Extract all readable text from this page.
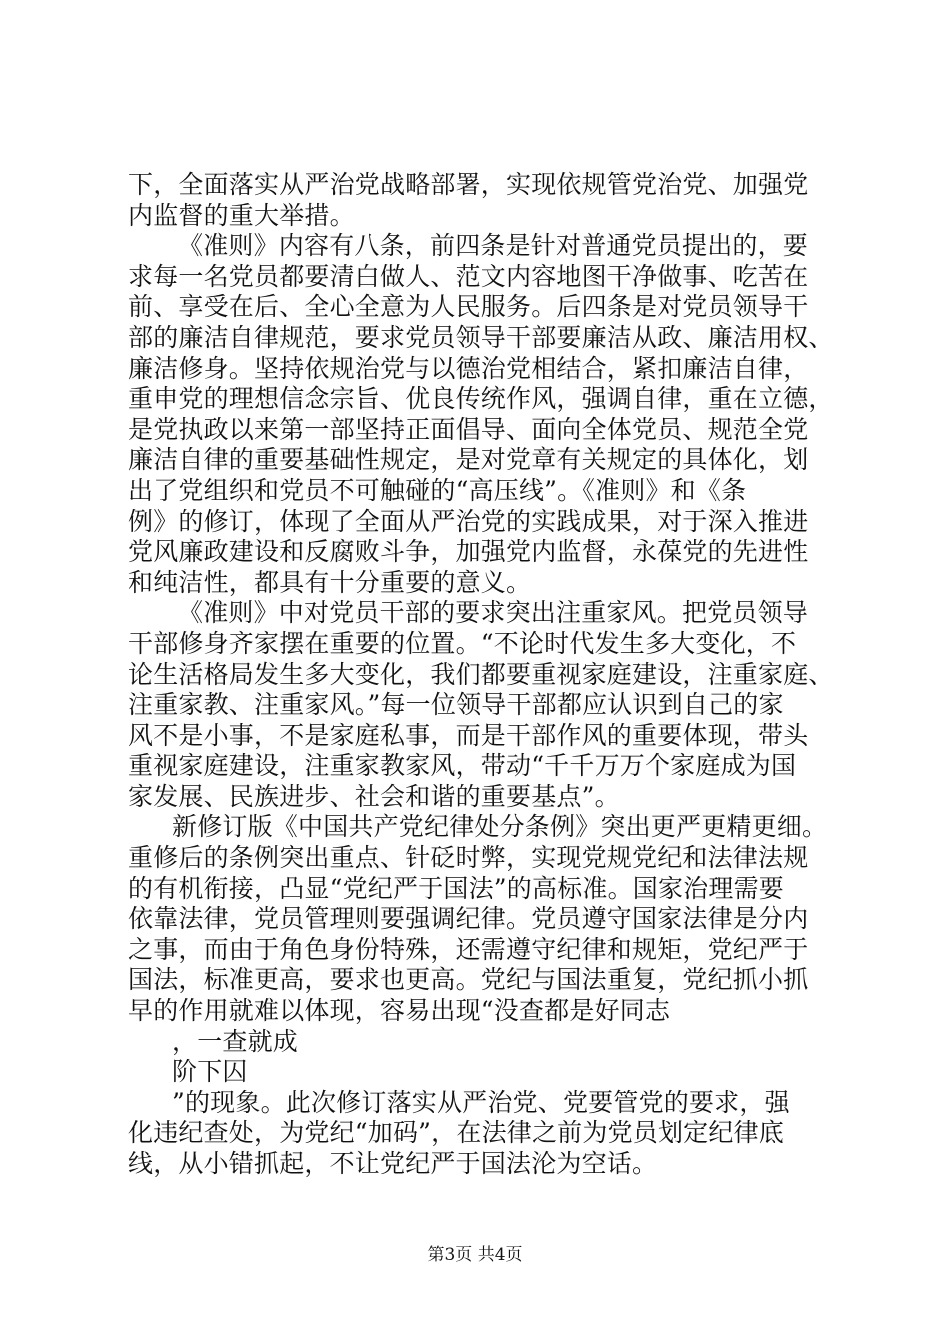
下，全面落实从严治党战略部署，实现依规管党治党、加强党
内监督的重大举措。
《准则》内容有八条，前四条是针对普通党员提出的，要
求每一名党员都要清白做人、范文内容地图干净做事、吃苦在
前、享受在后、全心全意为人民服务。后四条是对党员领导干
部的廉洁自律规范，要求党员领导干部要廉洁从政、廉洁用权、
廉洁修身。坚持依规治党与以德治党相结合，紧扣廉洁自律，
重申党的理想信念宗旨、优良传统作风，强调自律，重在立德，
是党执政以来第一部坚持正面倡导、面向全体党员、规范全党
廉洁自律的重要基础性规定，是对党章有关规定的具体化，划
出了党组织和党员不可触碰的“高压线”。《准则》和《条
例》的修订，体现了全面从严治党的实践成果，对于深入推进
党风廉政建设和反腐败斗争，加强党内监督，永葆党的先进性
和纯洁性，都具有十分重要的意义。
《准则》中对党员干部的要求突出注重家风。把党员领导
干部修身齐家摆在重要的位置。“不论时代发生多大变化，不
论生活格局发生多大变化，我们都要重视家庭建设，注重家庭、
注重家教、注重家风。”每一位领导干部都应认识到自己的家
风不是小事，不是家庭私事，而是干部作风的重要体现，带头
重视家庭建设，注重家教家风，带动“千千万万个家庭成为国
家发展、民族进步、社会和谐的重要基点”。
新修订版《中国共产党纪律处分条例》突出更严更精更细。
重修后的条例突出重点、针砭时弊，实现党规党纪和法律法规
的有机衔接，凸显“党纪严于国法”的高标准。国家治理需要
依靠法律，党员管理则要强调纪律。党员遵守国家法律是分内
之事，而由于角色身份特殊，还需遵守纪律和规矩，党纪严于
国法，标准更高，要求也更高。党纪与国法重复，党纪抓小抓
早的作用就难以体现，容易出现“没查都是好同志
，一查就成
阶下囚
”的现象。此次修订落实从严治党、党要管党的要求，强
化违纪查处，为党纪“加码”，在法律之前为党员划定纪律底
线，从小错抓起，不让党纪严于国法沦为空话。
第3页 共4页
